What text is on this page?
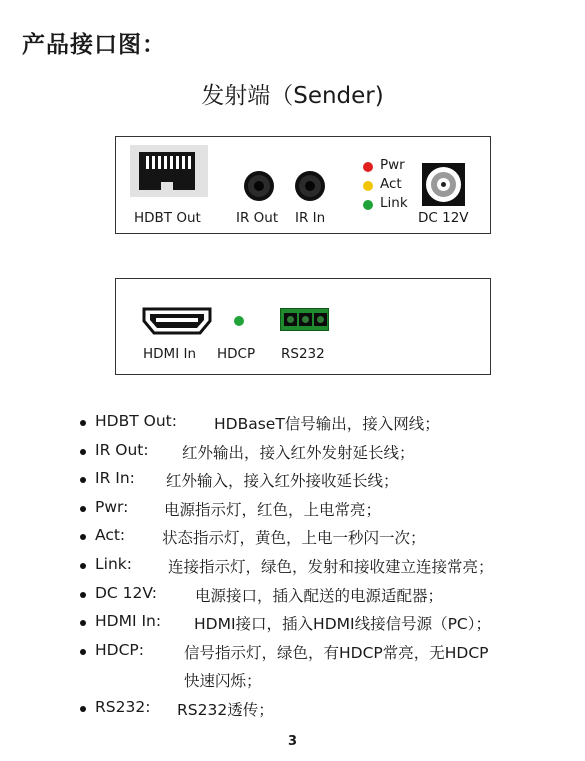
产品接口图：
发射端（Sender)
HDBT Out	IR Out IR In
Pwr
Act
Link
DC 12V
HDMI In HDCP RS232
HDBT Out: HDBaseT信号输出，接入网线；
IR Out: 红外输出，接入红外发射延长线；
IR In: 红外输入，接入红外接收延长线；
Pwr: 电源指示灯，红色，上电常亮；
Act: 状态指示灯，黄色，上电一秒闪一次；
Link: 连接指示灯，绿色，发射和接收建立连接常亮；
DC 12V: 电源接口，插入配送的电源适配器；
HDMI In: HDMI接口，插入HDMI线接信号源（PC）；
HDCP:	信号指示灯，绿色，有HDCP常亮，无HDCP
快速闪烁；
RS232: RS232透传；
3
